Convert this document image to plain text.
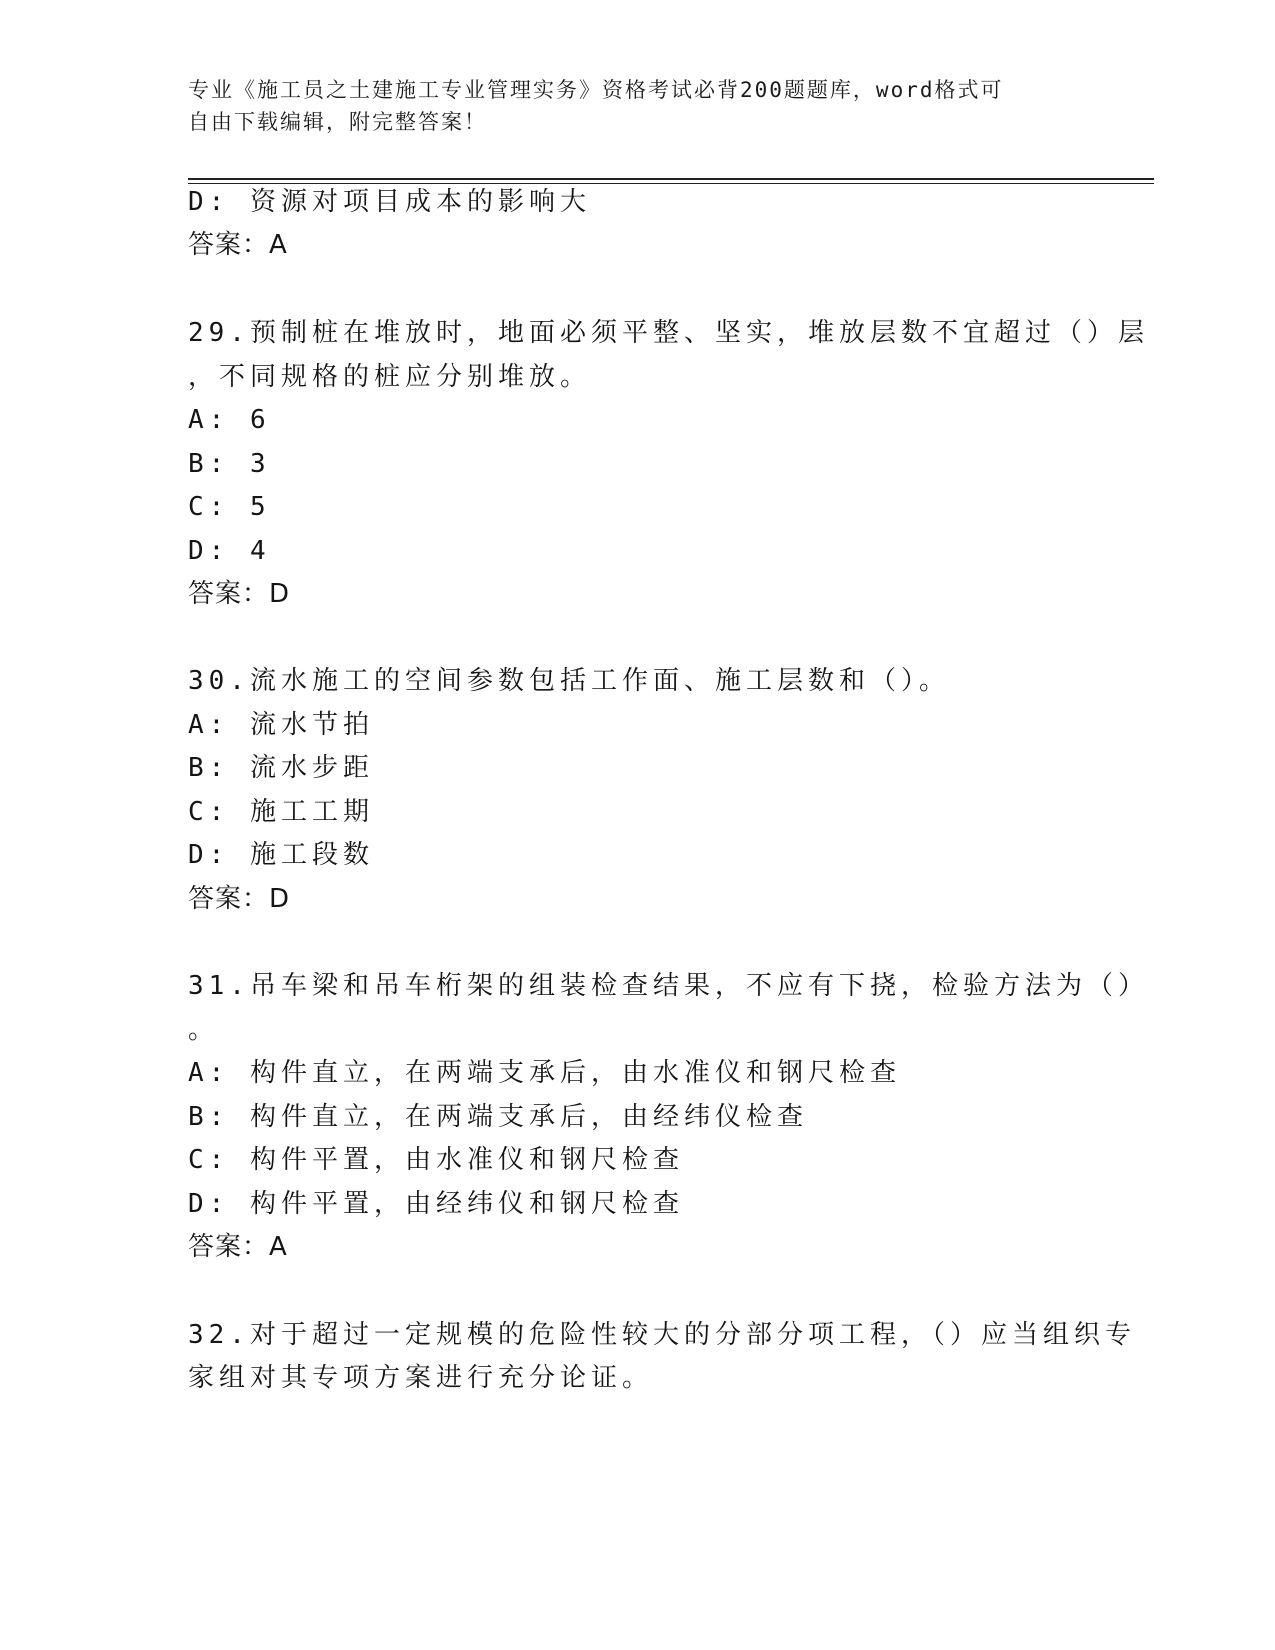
专业《施工员之土建施工专业管理实务》资格考试必背200题题库，word格式可
自由下载编辑，附完整答案！
D: 资源对项目成本的影响大
答案：A
29.预制桩在堆放时，地面必须平整、坚实，堆放层数不宜超过（）层
，不同规格的桩应分别堆放。
A: 6
B: 3
C: 5
D: 4
答案：D
30.流水施工的空间参数包括工作面、施工层数和（）。
A: 流水节拍
B: 流水步距
C: 施工工期
D: 施工段数
答案：D
31.吊车梁和吊车桁架的组装检查结果，不应有下挠，检验方法为（）
。
A: 构件直立，在两端支承后，由水准仪和钢尺检查
B: 构件直立，在两端支承后，由经纬仪检查
C: 构件平置，由水准仪和钢尺检查
D: 构件平置，由经纬仪和钢尺检查
答案：A
32.对于超过一定规模的危险性较大的分部分项工程，（）应当组织专
家组对其专项方案进行充分论证。
